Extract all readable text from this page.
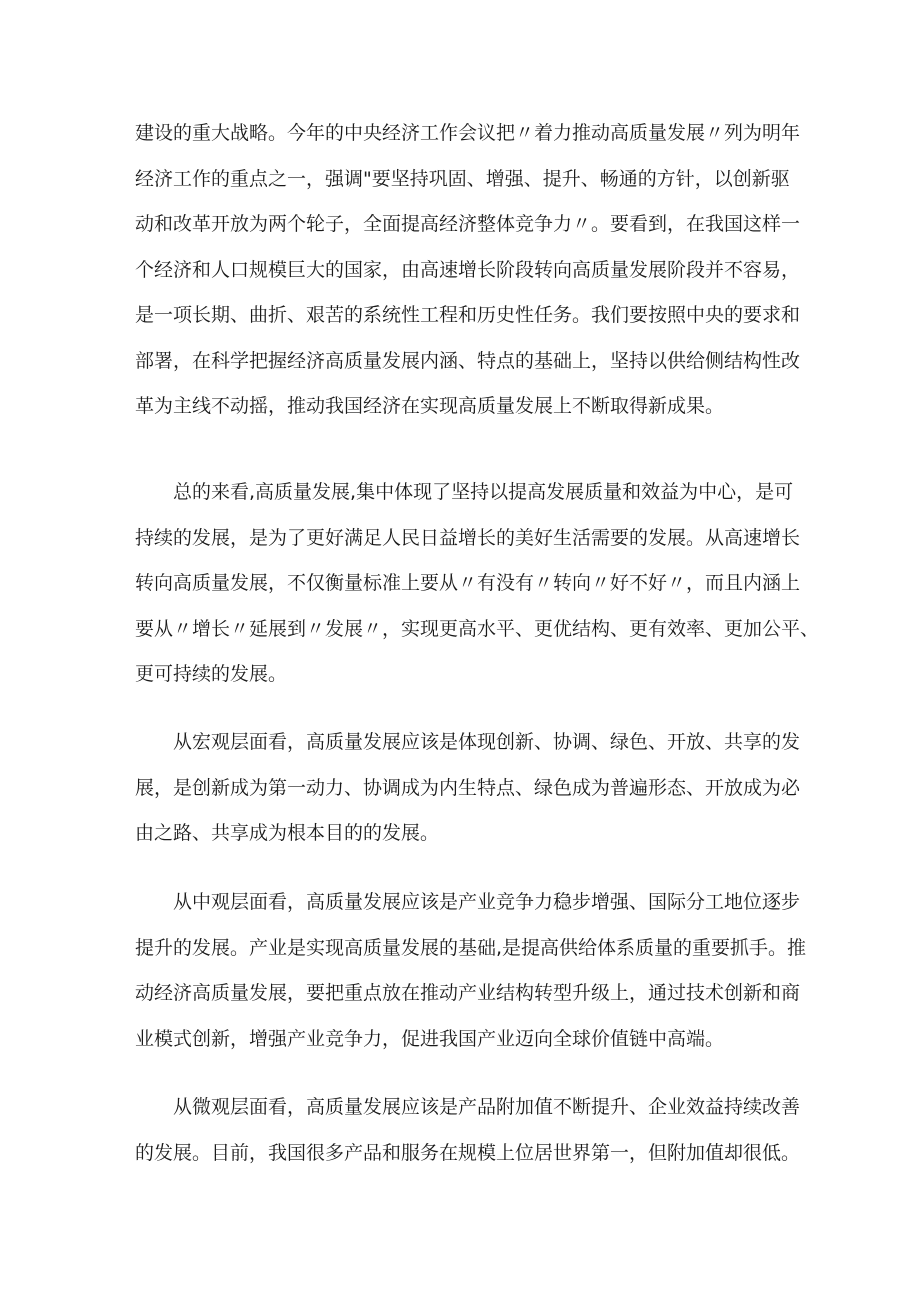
建设的重大战略。今年的中央经济工作会议把〃着力推动高质量发展〃列为明年
经济工作的重点之一，强调"要坚持巩固、增强、提升、畅通的方针，以创新驱
动和改革开放为两个轮子，全面提高经济整体竞争力〃。要看到，在我国这样一
个经济和人口规模巨大的国家，由高速增长阶段转向高质量发展阶段并不容易，
是一项长期、曲折、艰苦的系统性工程和历史性任务。我们要按照中央的要求和
部署，在科学把握经济高质量发展内涵、特点的基础上，坚持以供给侧结构性改
革为主线不动摇，推动我国经济在实现高质量发展上不断取得新成果。

总的来看,高质量发展,集中体现了坚持以提高发展质量和效益为中心，是可
持续的发展，是为了更好满足人民日益增长的美好生活需要的发展。从高速增长
转向高质量发展，不仅衡量标准上要从〃有没有〃转向〃好不好〃，而且内涵上
要从〃增长〃延展到〃发展〃，实现更高水平、更优结构、更有效率、更加公平、
更可持续的发展。

从宏观层面看，高质量发展应该是体现创新、协调、绿色、开放、共享的发
展，是创新成为第一动力、协调成为内生特点、绿色成为普遍形态、开放成为必
由之路、共享成为根本目的的发展。

从中观层面看，高质量发展应该是产业竞争力稳步增强、国际分工地位逐步
提升的发展。产业是实现高质量发展的基础,是提高供给体系质量的重要抓手。推
动经济高质量发展，要把重点放在推动产业结构转型升级上，通过技术创新和商
业模式创新，增强产业竞争力，促进我国产业迈向全球价值链中高端。

从微观层面看，高质量发展应该是产品附加值不断提升、企业效益持续改善
的发展。目前，我国很多产品和服务在规模上位居世界第一，但附加值却很低。
